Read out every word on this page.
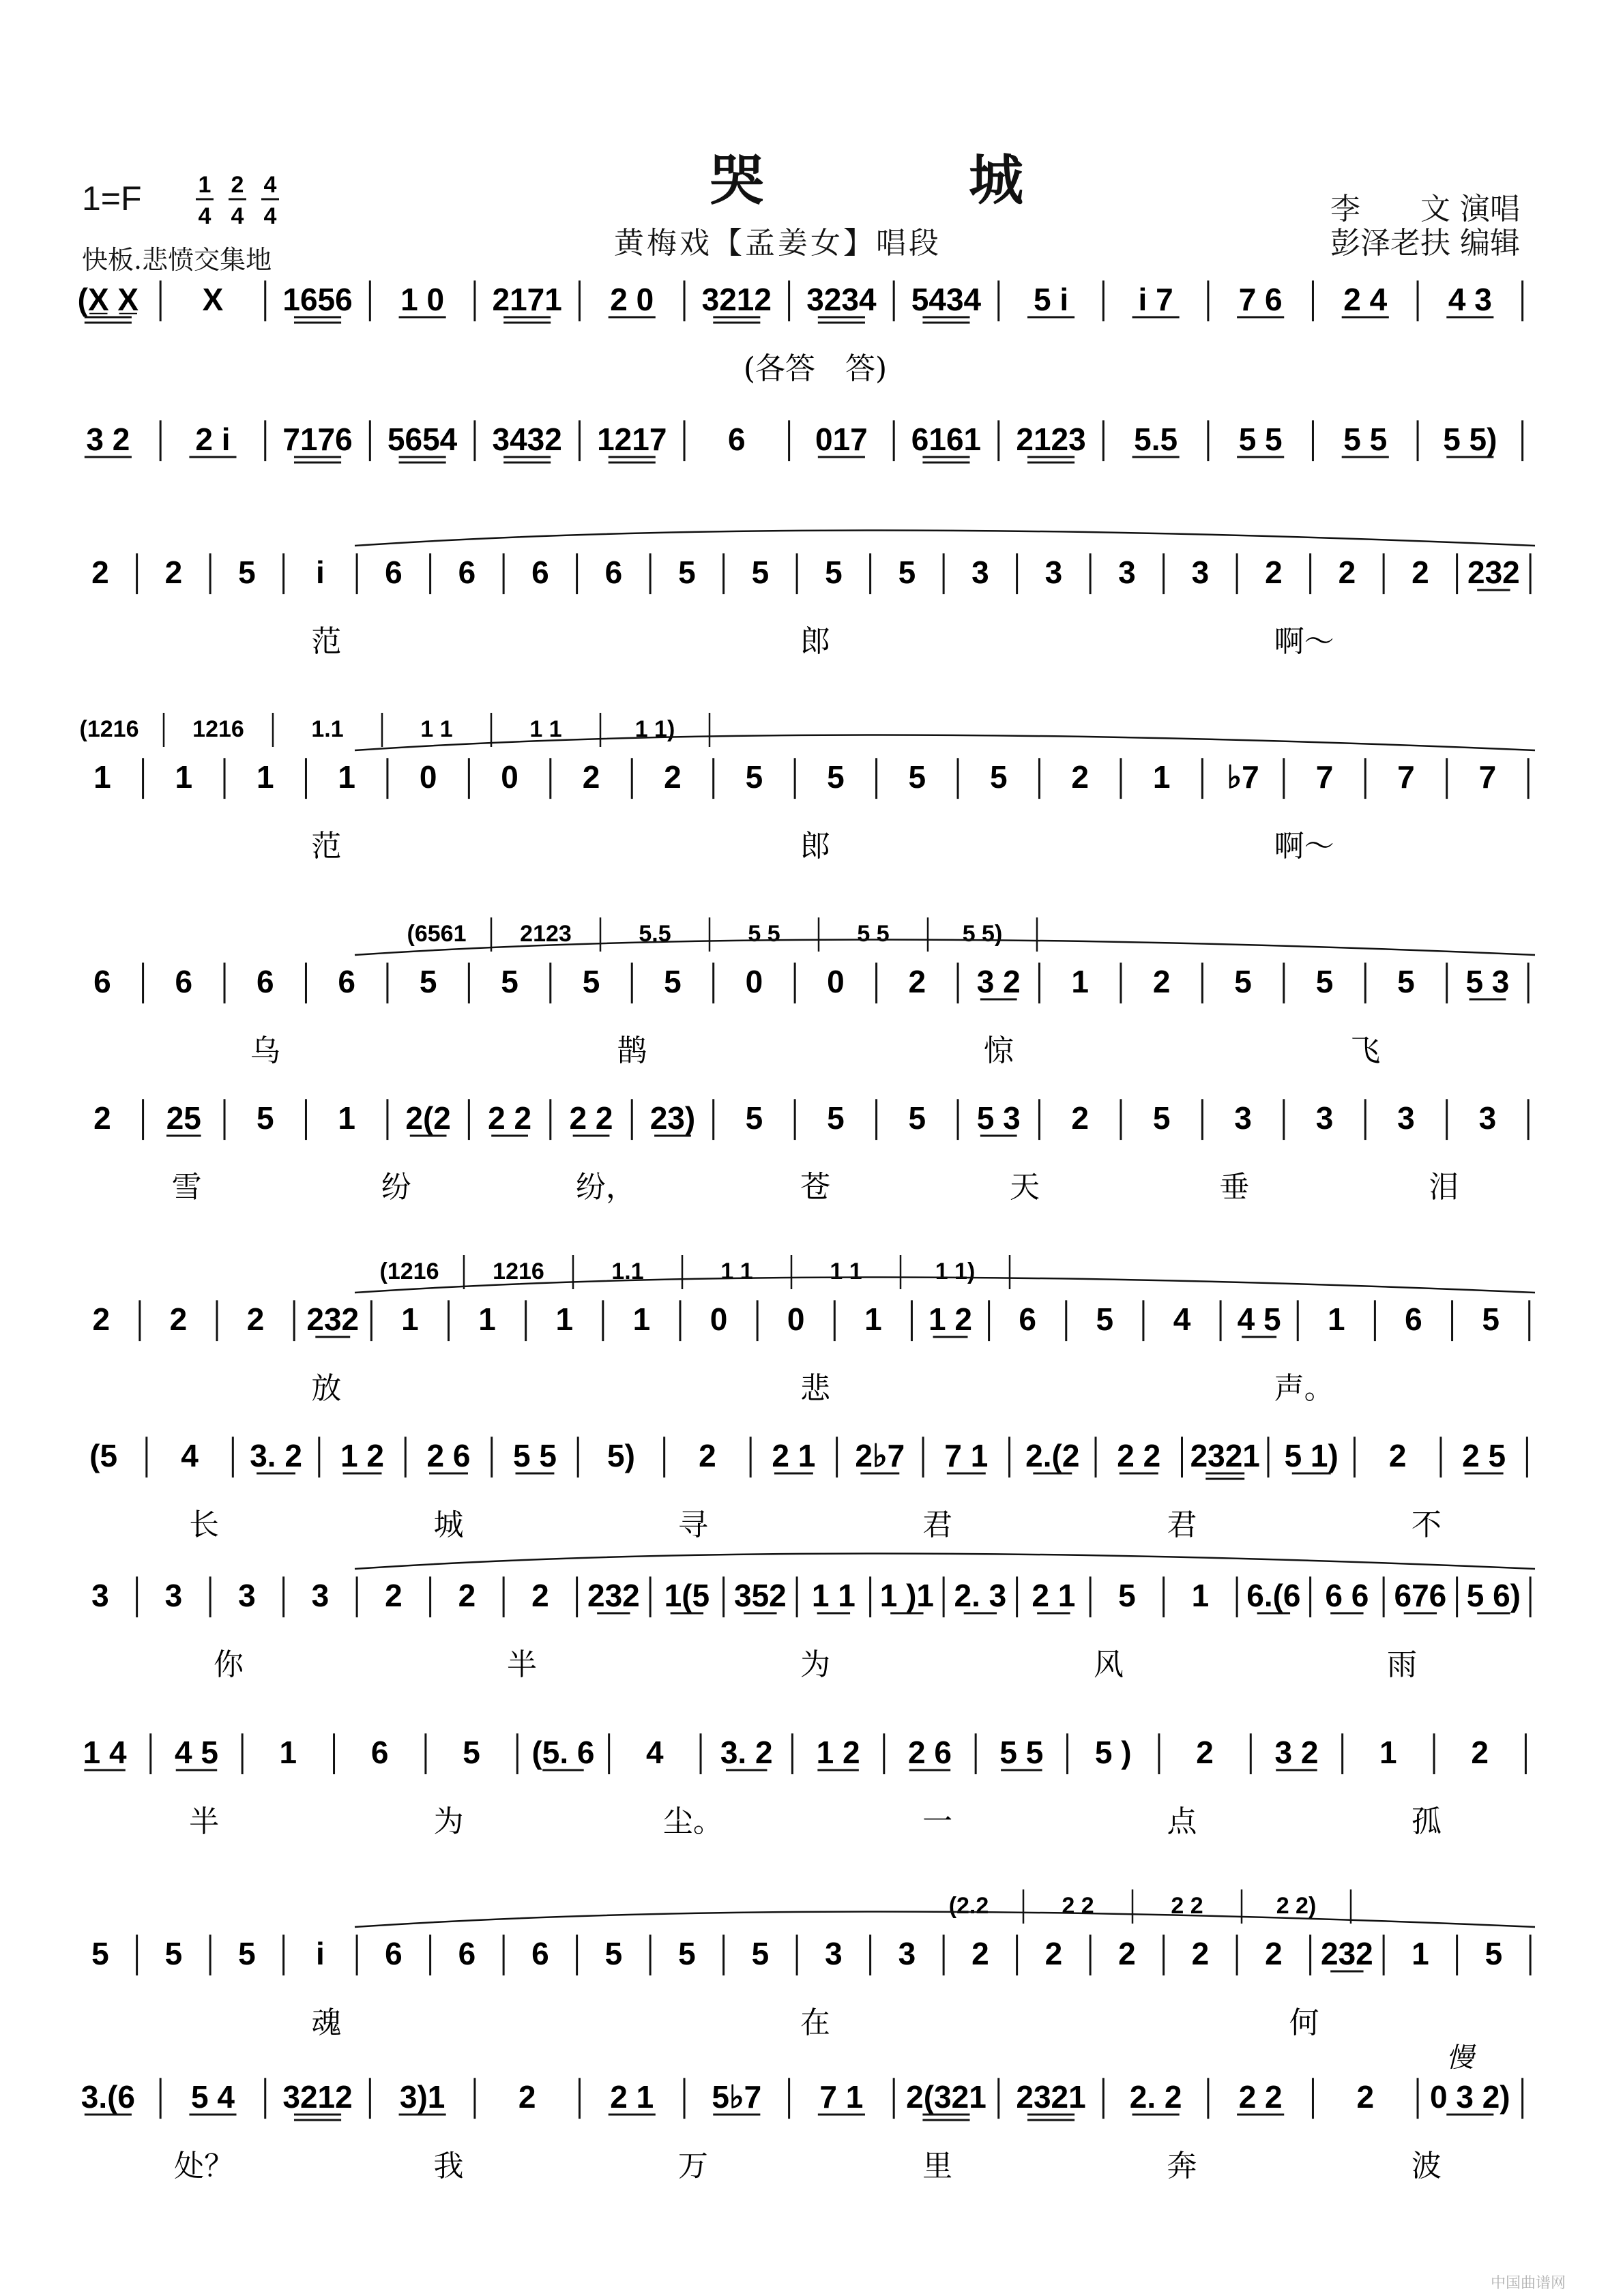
哭　城
黄梅戏【孟姜女】唱段
1=F 1
4
2
4
4
4
快板.悲愤交集地
李　　文 演唱
彭泽老扶 编辑
(X̲ X̲ X 1656 1 0 2171 2 0 3212 3234 5434 5 i i 7 7 6 2 4 4 3
(各答　答)
3 2 2 i 7176 5654 3432 1217 6 017 6161 2123 5.5 5 5 5 5 5 5)
2 2 5 i 6 6 6 6 5 5 5 5 3 3 3 3 2 2 2 232
范	郎	啊～
(1216 1216	1.1	1 1	1 1	1 1)
1 1 1 1 0 0 2 2 5 5 5 5 2 1 ♭7 7 7 7
范	郎	啊～
(6561 2123	5.5	5 5	5 5	5 5)
6 6 6 6 5 5 5 5 0 0 2 3 2 1 2 5 5 5 5 3
乌	鹊	惊	飞
2 25 5 1 2(2 2 2 2 2 23) 5 5 5 5 3 2 5 3 3 3 3
雪	纷	纷，	苍	天	垂	泪
(1216 1216	1.1	1 1	1 1	1 1)
2 2 2 232 1 1 1 1 0 0 1 1 2 6 5 4 4 5 1 6 5
放	悲	声。
(5 4 3. 2 1 2 2 6 5 5 5) 2 2 1 2♭7 7 1 2.(2 2 2 2321 5 1) 2 2 5
长	城	寻	君	君	不
3 3 3 3 2 2 2 232 1(5 352 1 1 1 )1 2. 3 2 1 5 1 6.(6 6 6 676 5 6)
你	半	为	风	雨
1 4 4 5 1 6 5 (5. 6 4 3. 2 1 2 2 6 5 5 5 ) 2 3 2 1 2
半	为	尘。	一	点	孤
(2.2	2 2	2 2	2 2)
5 5 5 i 6 6 6 5 5 5 3 3 2 2 2 2 2 232 1 5
魂	在	何
3.(6 5 4 3212 3)1 2 2 1 5♭7 7 1 2(321 2321 2. 2 2 2 2 0 3 2)
慢
处？	我	万	里	奔	波
中国曲谱网
